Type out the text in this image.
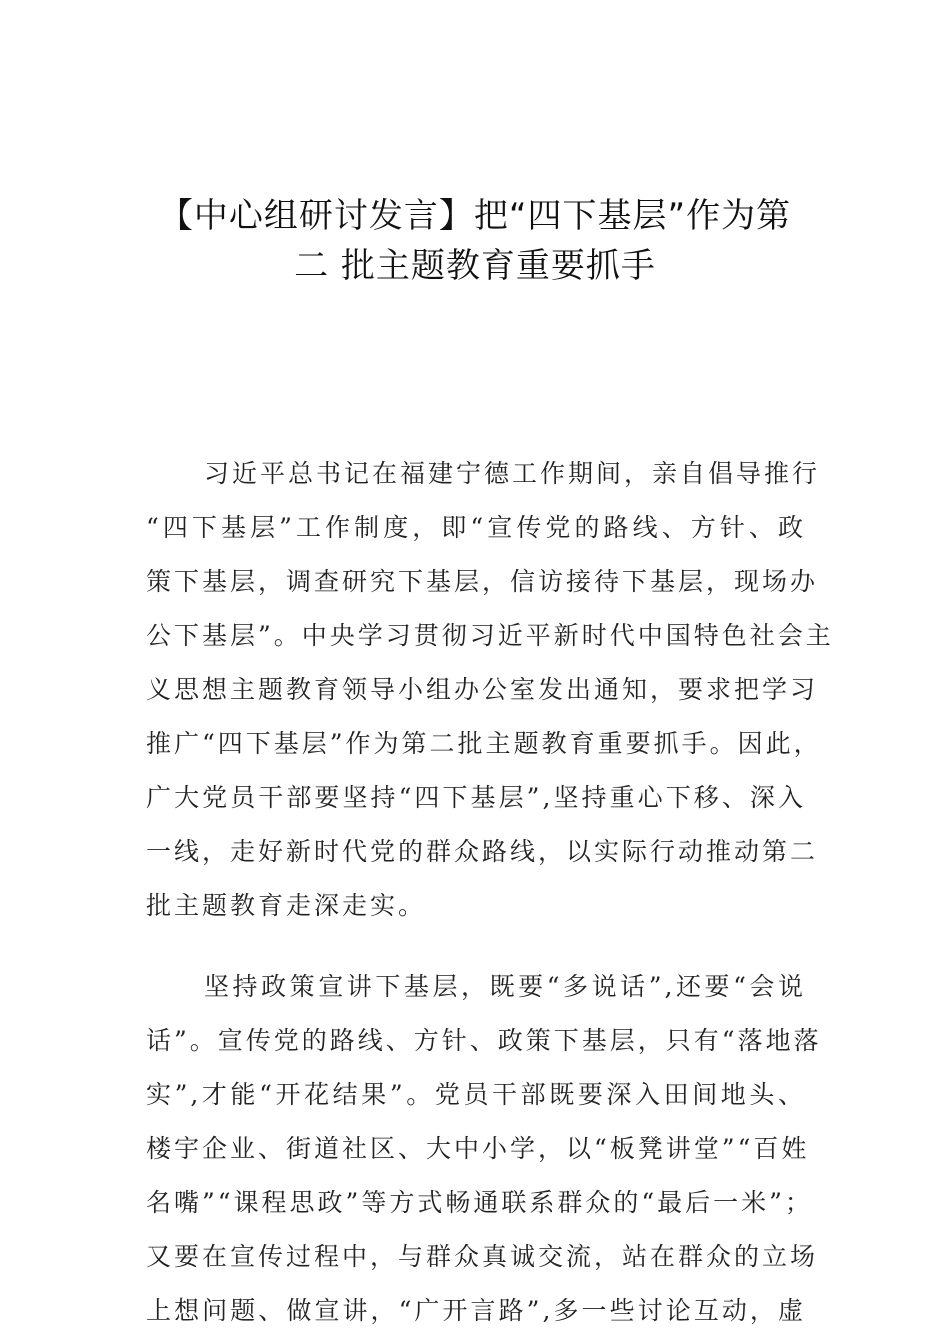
【中心组研讨发言】把“四下基层”作为第
二 批主题教育重要抓手
习近平总书记在福建宁德工作期间，亲自倡导推行
“四下基层”工作制度，即“宣传党的路线、方针、政
策下基层，调查研究下基层，信访接待下基层，现场办
公下基层”。中央学习贯彻习近平新时代中国特色社会主
义思想主题教育领导小组办公室发出通知，要求把学习
推广“四下基层”作为第二批主题教育重要抓手。因此，
广大党员干部要坚持“四下基层”,坚持重心下移、深入
一线，走好新时代党的群众路线，以实际行动推动第二
批主题教育走深走实。
坚持政策宣讲下基层，既要“多说话”,还要“会说
话”。宣传党的路线、方针、政策下基层，只有“落地落
实”,才能“开花结果”。党员干部既要深入田间地头、
楼宇企业、街道社区、大中小学，以“板凳讲堂”“百姓
名嘴”“课程思政”等方式畅通联系群众的“最后一米”；
又要在宣传过程中，与群众真诚交流，站在群众的立场
上想问题、做宣讲，“广开言路”,多一些讨论互动，虚
